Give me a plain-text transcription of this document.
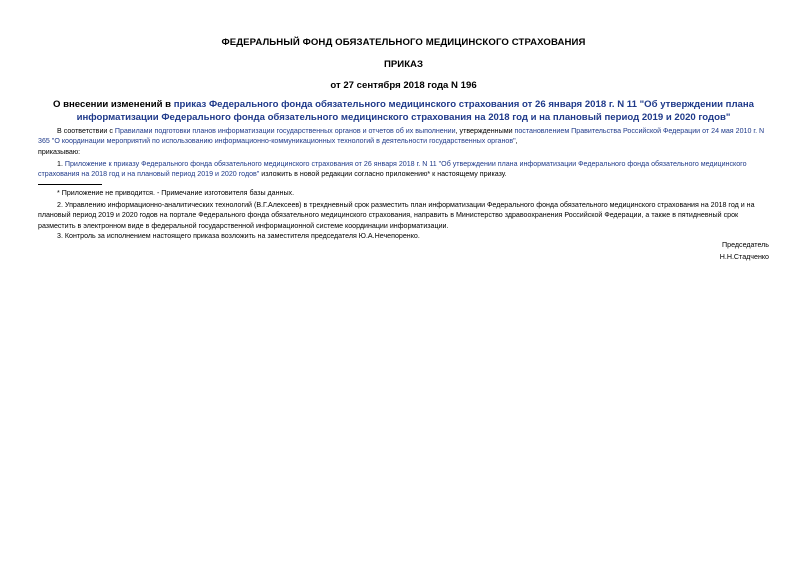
ФЕДЕРАЛЬНЫЙ ФОНД ОБЯЗАТЕЛЬНОГО МЕДИЦИНСКОГО СТРАХОВАНИЯ
ПРИКАЗ
от 27 сентября 2018 года N 196
О внесении изменений в приказ Федерального фонда обязательного медицинского страхования от 26 января 2018 г. N 11 "Об утверждении плана информатизации Федерального фонда обязательного медицинского страхования на 2018 год и на плановый период 2019 и 2020 годов"
В соответствии с Правилами подготовки планов информатизации государственных органов и отчетов об их выполнении, утвержденными постановлением Правительства Российской Федерации от 24 мая 2010 г. N 365 "О координации мероприятий по использованию информационно-коммуникационных технологий в деятельности государственных органов",
приказываю:
1. Приложение к приказу Федерального фонда обязательного медицинского страхования от 26 января 2018 г. N 11 "Об утверждении плана информатизации Федерального фонда обязательного медицинского страхования на 2018 год и на плановый период 2019 и 2020 годов" изложить в новой редакции согласно приложению* к настоящему приказу.
* Приложение не приводится. - Примечание изготовителя базы данных.
2. Управлению информационно-аналитических технологий (В.Г.Алексеев) в трехдневный срок разместить план информатизации Федерального фонда обязательного медицинского страхования на 2018 год и на плановый период 2019 и 2020 годов на портале Федерального фонда обязательного медицинского страхования, направить в Министерство здравоохранения Российской Федерации, а также в пятидневный срок разместить в электронном виде в федеральной государственной информационной системе координации информатизации.
3. Контроль за исполнением настоящего приказа возложить на заместителя председателя Ю.А.Нечепоренко.
Председатель
Н.Н.Стадченко
